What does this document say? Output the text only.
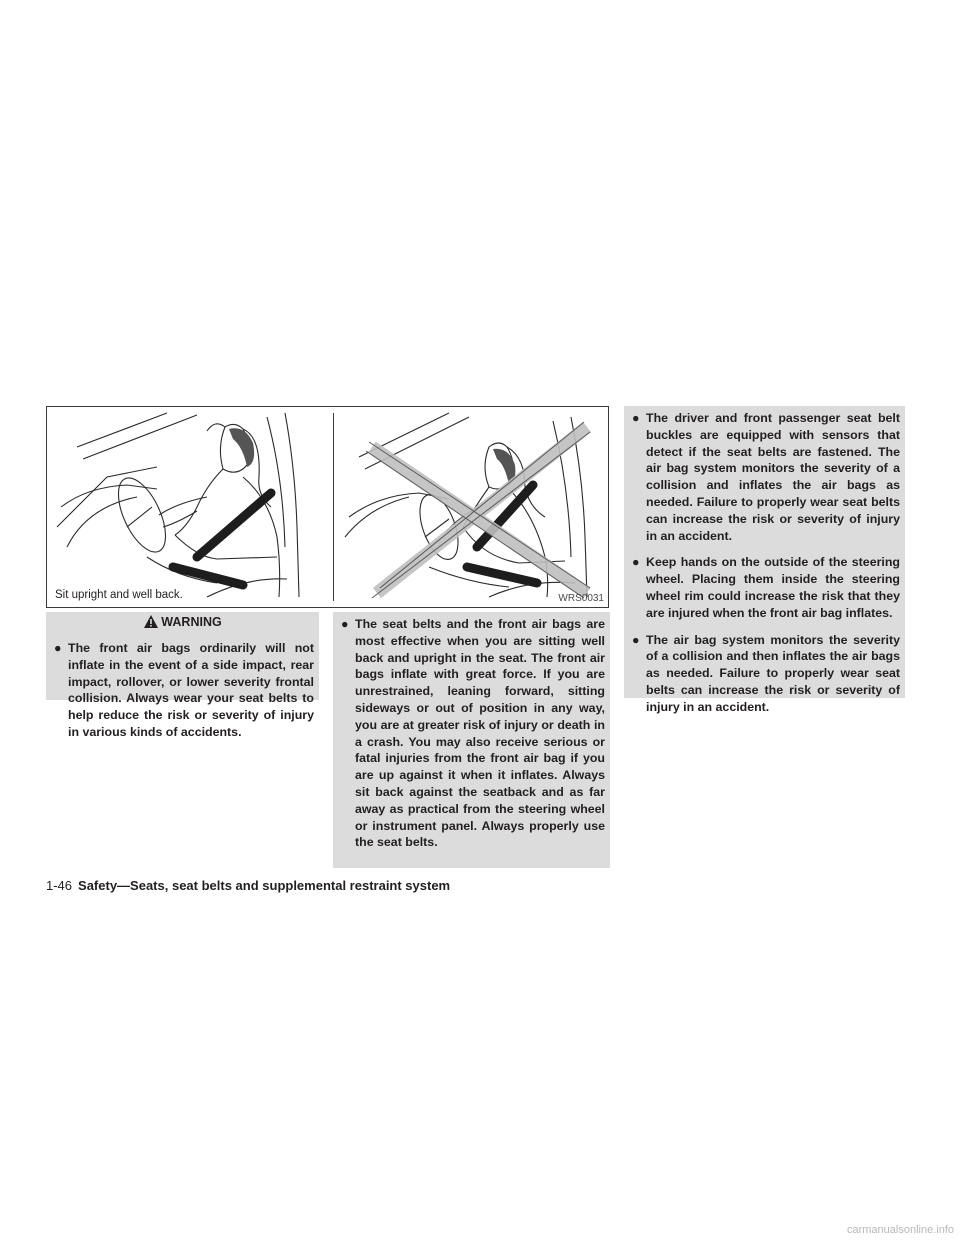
Sit upright and well back.	WRS0031
WARNING
● The front air bags ordinarily will not inflate in the event of a side impact, rear impact, rollover, or lower severity frontal collision. Always wear your seat belts to help reduce the risk or severity of injury in various kinds of accidents.
● The seat belts and the front air bags are most effective when you are sitting well back and upright in the seat. The front air bags inflate with great force. If you are unrestrained, leaning forward, sitting sideways or out of position in any way, you are at greater risk of injury or death in a crash. You may also receive serious or fatal injuries from the front air bag if you are up against it when it inflates. Always sit back against the seatback and as far away as practical from the steering wheel or instrument panel. Always properly use the seat belts.
● The driver and front passenger seat belt buckles are equipped with sensors that detect if the seat belts are fastened. The air bag system monitors the severity of a collision and inflates the air bags as needed. Failure to properly wear seat belts can increase the risk or severity of injury in an accident.
● Keep hands on the outside of the steering wheel. Placing them inside the steering wheel rim could increase the risk that they are injured when the front air bag inflates.
● The air bag system monitors the severity of a collision and then inflates the air bags as needed. Failure to properly wear seat belts can increase the risk or severity of injury in an accident.
1-46 Safety—Seats, seat belts and supplemental restraint system
carmanualsonline.info
